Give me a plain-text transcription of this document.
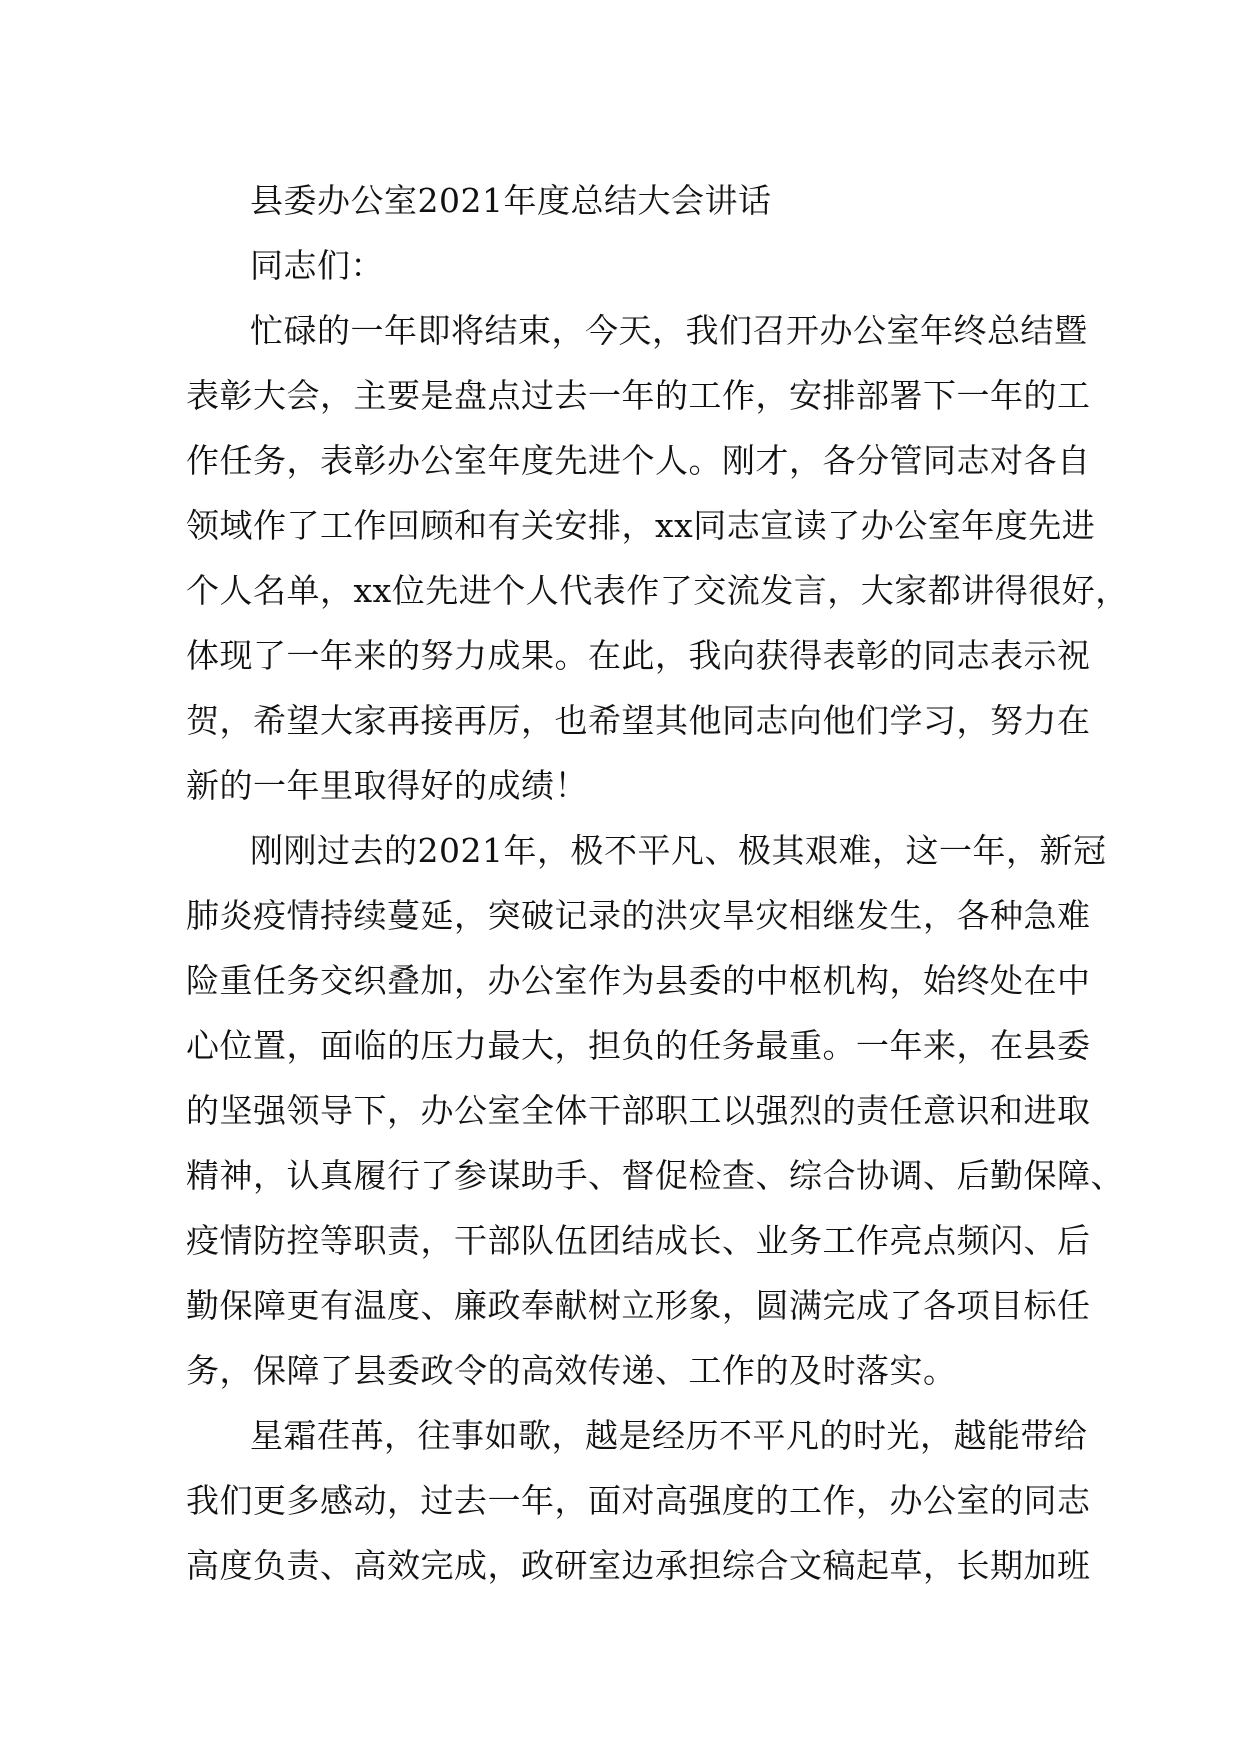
县委办公室2021年度总结大会讲话
同志们：
忙碌的一年即将结束，今天，我们召开办公室年终总结暨
表彰大会，主要是盘点过去一年的工作，安排部署下一年的工
作任务，表彰办公室年度先进个人。刚才，各分管同志对各自
领域作了工作回顾和有关安排，xx同志宣读了办公室年度先进
个人名单，xx位先进个人代表作了交流发言，大家都讲得很好，
体现了一年来的努力成果。在此，我向获得表彰的同志表示祝
贺，希望大家再接再厉，也希望其他同志向他们学习，努力在
新的一年里取得好的成绩！
刚刚过去的2021年，极不平凡、极其艰难，这一年，新冠
肺炎疫情持续蔓延，突破记录的洪灾旱灾相继发生，各种急难
险重任务交织叠加，办公室作为县委的中枢机构，始终处在中
心位置，面临的压力最大，担负的任务最重。一年来，在县委
的坚强领导下，办公室全体干部职工以强烈的责任意识和进取
精神，认真履行了参谋助手、督促检查、综合协调、后勤保障、
疫情防控等职责，干部队伍团结成长、业务工作亮点频闪、后
勤保障更有温度、廉政奉献树立形象，圆满完成了各项目标任
务，保障了县委政令的高效传递、工作的及时落实。
星霜荏苒，往事如歌，越是经历不平凡的时光，越能带给
我们更多感动，过去一年，面对高强度的工作，办公室的同志
高度负责、高效完成，政研室边承担综合文稿起草，长期加班
